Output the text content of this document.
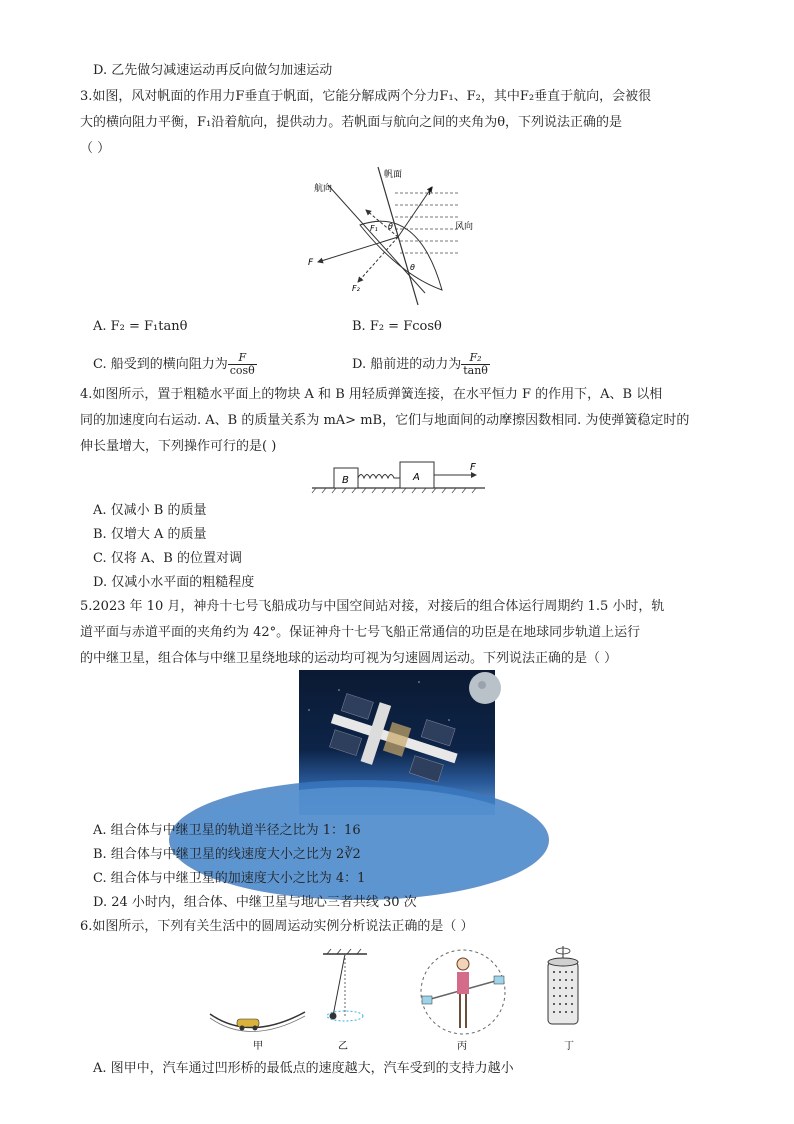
D. 乙先做匀减速运动再反向做匀加速运动
3.如图，风对帆面的作用力F垂直于帆面，它能分解成两个分力F₁、F₂，其中F₂垂直于航向，会被很
大的横向阻力平衡，F₁沿着航向，提供动力。若帆面与航向之间的夹角为θ，下列说法正确的是
（ ）
航向
帆面
风向
f
F
F₁
F₂
θ
θ
A. F₂ = F₁tanθ	B. F₂ = Fcosθ
C. 船受到的横向阻力为 $\frac{F}{\cos\theta}$	D. 船前进的动力为 $\frac{\text{F₂}}{\tan\theta}$
4.如图所示，置于粗糙水平面上的物块 A 和 B 用轻质弹簧连接，在水平恒力 F 的作用下，A、B 以相
同的加速度向右运动. A、B 的质量关系为 mA> mB，它们与地面间的动摩擦因数相同. 为使弹簧稳定时的
伸长量增大，下列操作可行的是( )
B	A
F
A. 仅减小 B 的质量
B. 仅增大 A 的质量
C. 仅将 A、B 的位置对调
D. 仅减小水平面的粗糙程度
5.2023 年 10 月，神舟十七号飞船成功与中国空间站对接，对接后的组合体运行周期约 1.5 小时，轨
道平面与赤道平面的夹角约为 42°。保证神舟十七号飞船正常通信的功臣是在地球同步轨道上运行
的中继卫星，组合体与中继卫星绕地球的运动均可视为匀速圆周运动。下列说法正确的是（ ）
A. 组合体与中继卫星的轨道半径之比为 1：16
B. 组合体与中继卫星的线速度大小之比为 2∛2
C. 组合体与中继卫星的加速度大小之比为 4：1
D. 24 小时内，组合体、中继卫星与地心三者共线 30 次
6.如图所示，下列有关生活中的圆周运动实例分析说法正确的是（ ）
甲	乙	丙	丁
A. 图甲中，汽车通过凹形桥的最低点的速度越大，汽车受到的支持力越小
